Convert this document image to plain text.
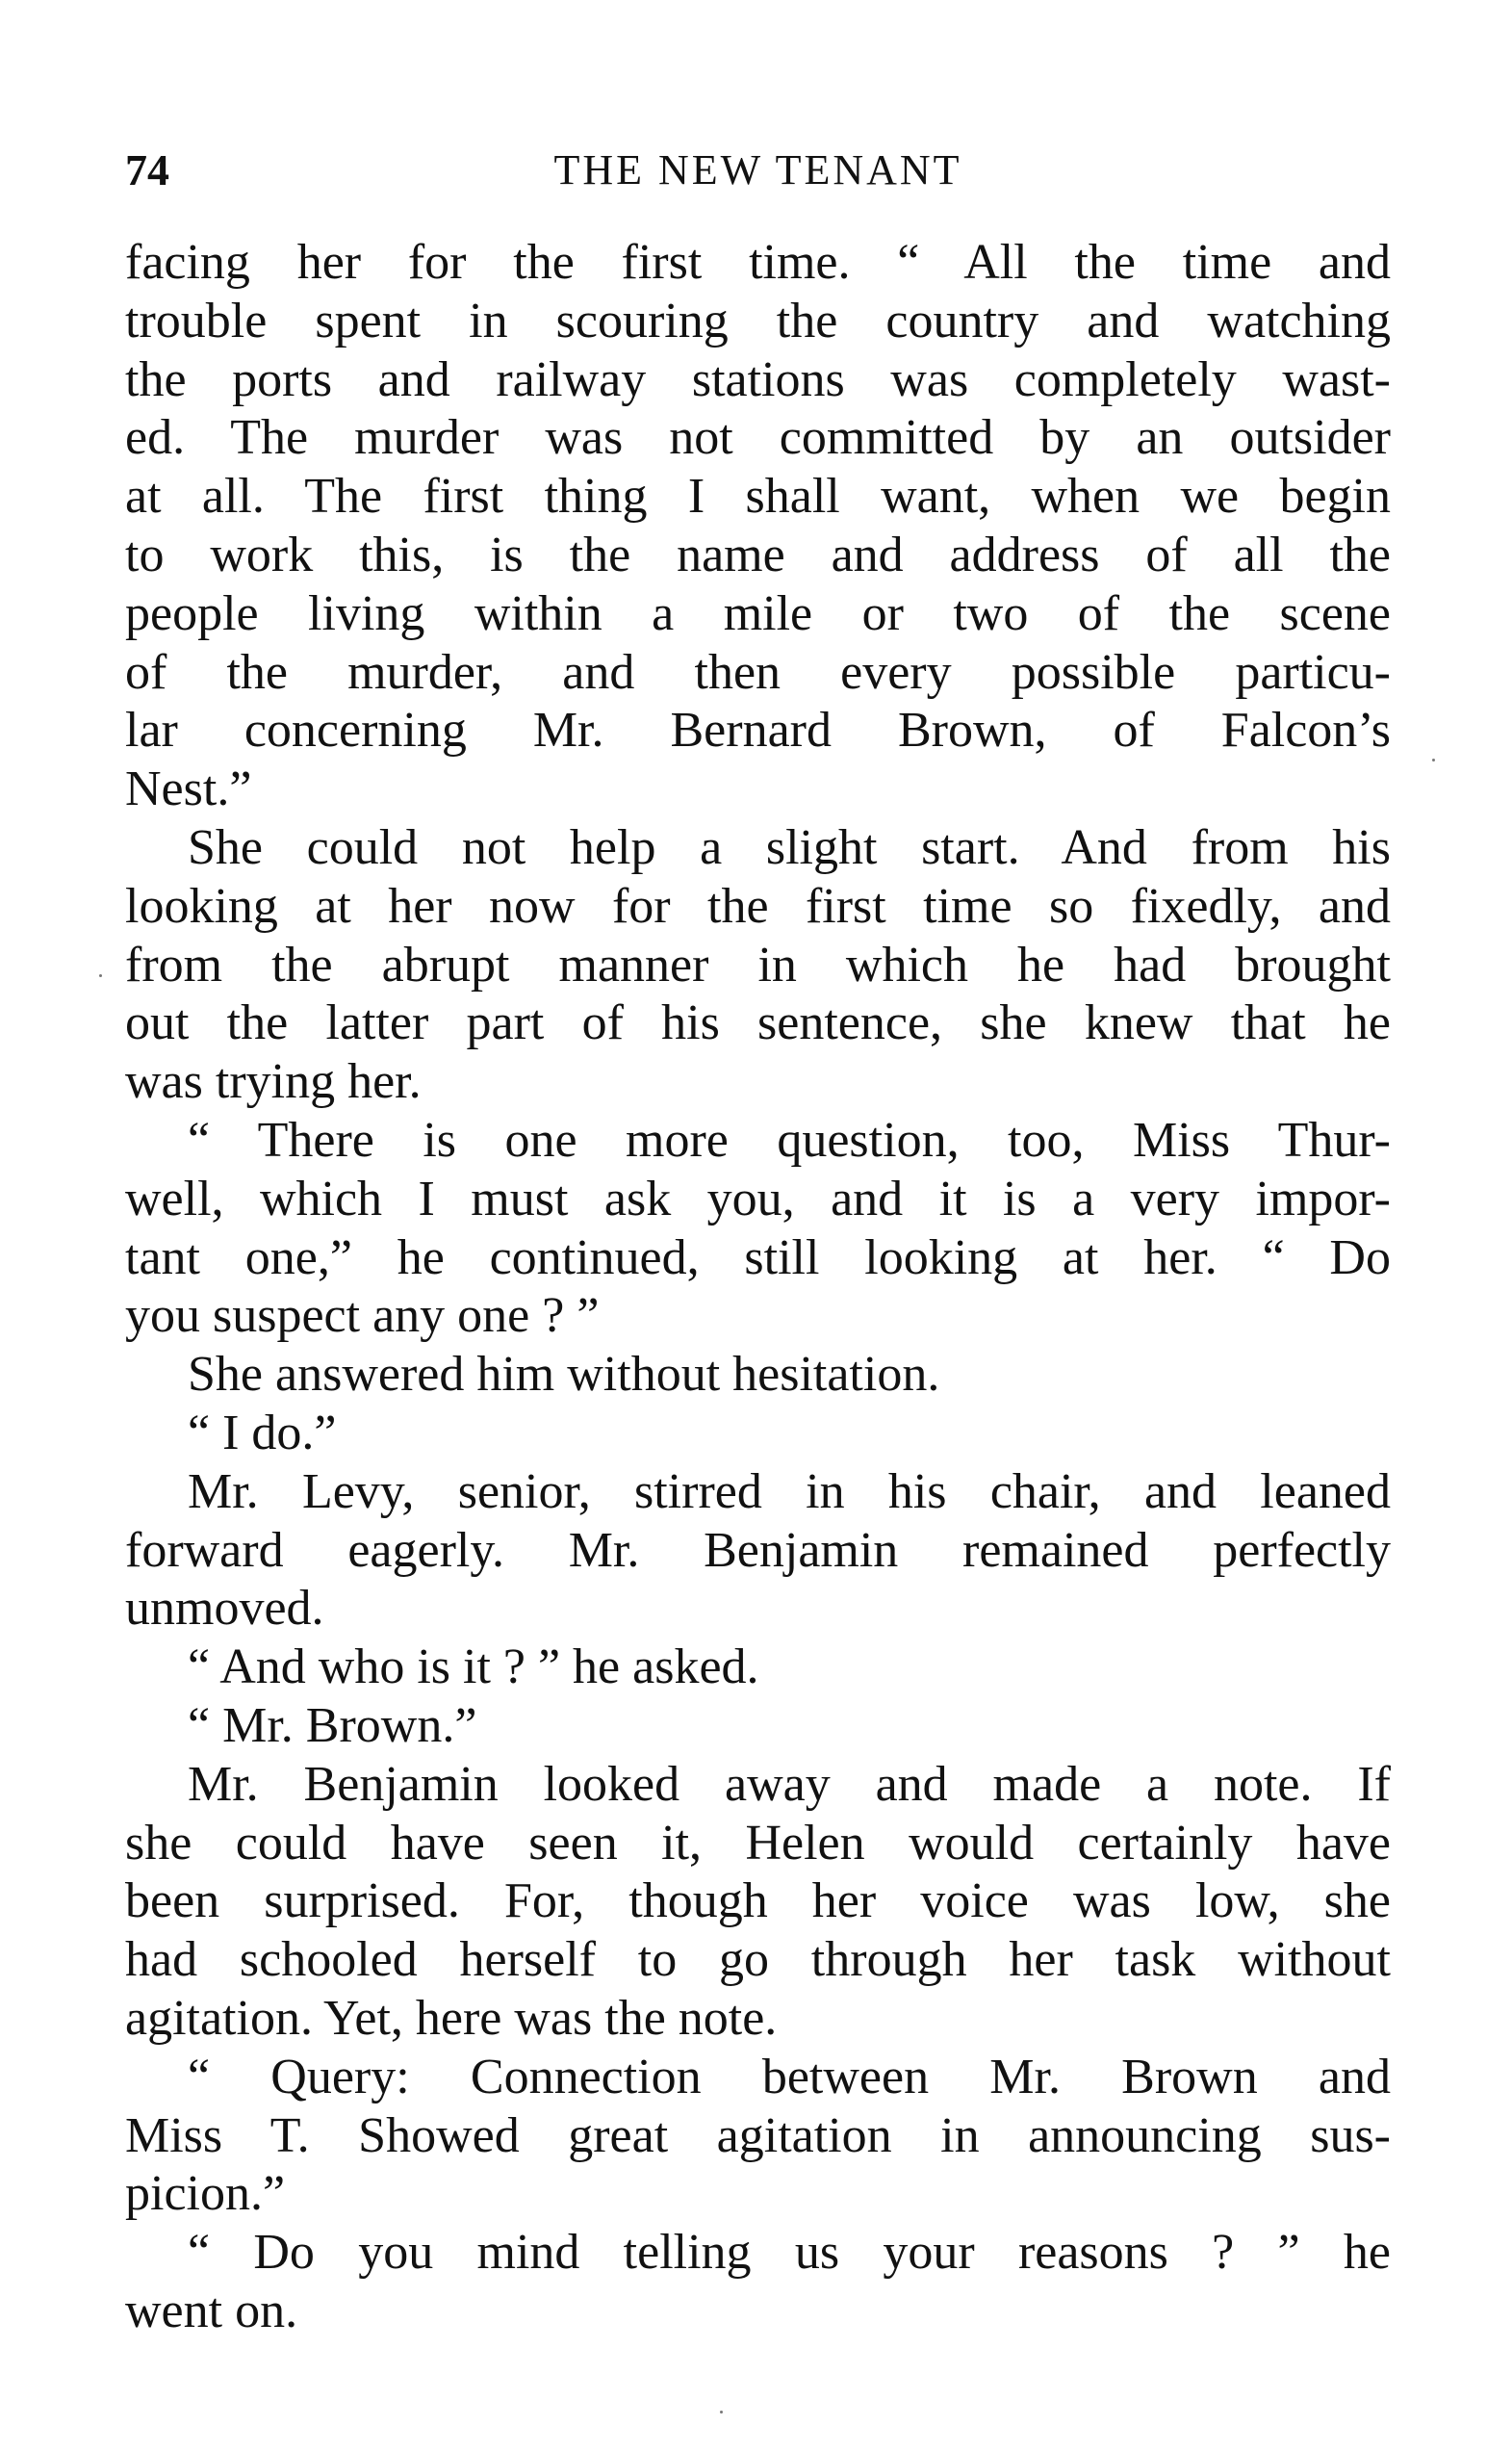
74	THE NEW TENANT
facing her for the first time. “ All the time and
trouble spent in scouring the country and watching
the ports and railway stations was completely wast-
ed. The murder was not committed by an outsider
at all. The first thing I shall want, when we begin
to work this, is the name and address of all the
people living within a mile or two of the scene
of the murder, and then every possible particu-
lar concerning Mr. Bernard Brown, of Falcon’s
Nest.”
She could not help a slight start. And from his
looking at her now for the first time so fixedly, and
from the abrupt manner in which he had brought
out the latter part of his sentence, she knew that he
was trying her.
“ There is one more question, too, Miss Thur-
well, which I must ask you, and it is a very impor-
tant one,” he continued, still looking at her. “ Do
you suspect any one ? ”
She answered him without hesitation.
“ I do.”
Mr. Levy, senior, stirred in his chair, and leaned
forward eagerly. Mr. Benjamin remained perfectly
unmoved.
“ And who is it ? ” he asked.
“ Mr. Brown.”
Mr. Benjamin looked away and made a note. If
she could have seen it, Helen would certainly have
been surprised. For, though her voice was low, she
had schooled herself to go through her task without
agitation. Yet, here was the note.
“ Query: Connection between Mr. Brown and
Miss T. Showed great agitation in announcing sus-
picion.”
“ Do you mind telling us your reasons ? ” he
went on.
